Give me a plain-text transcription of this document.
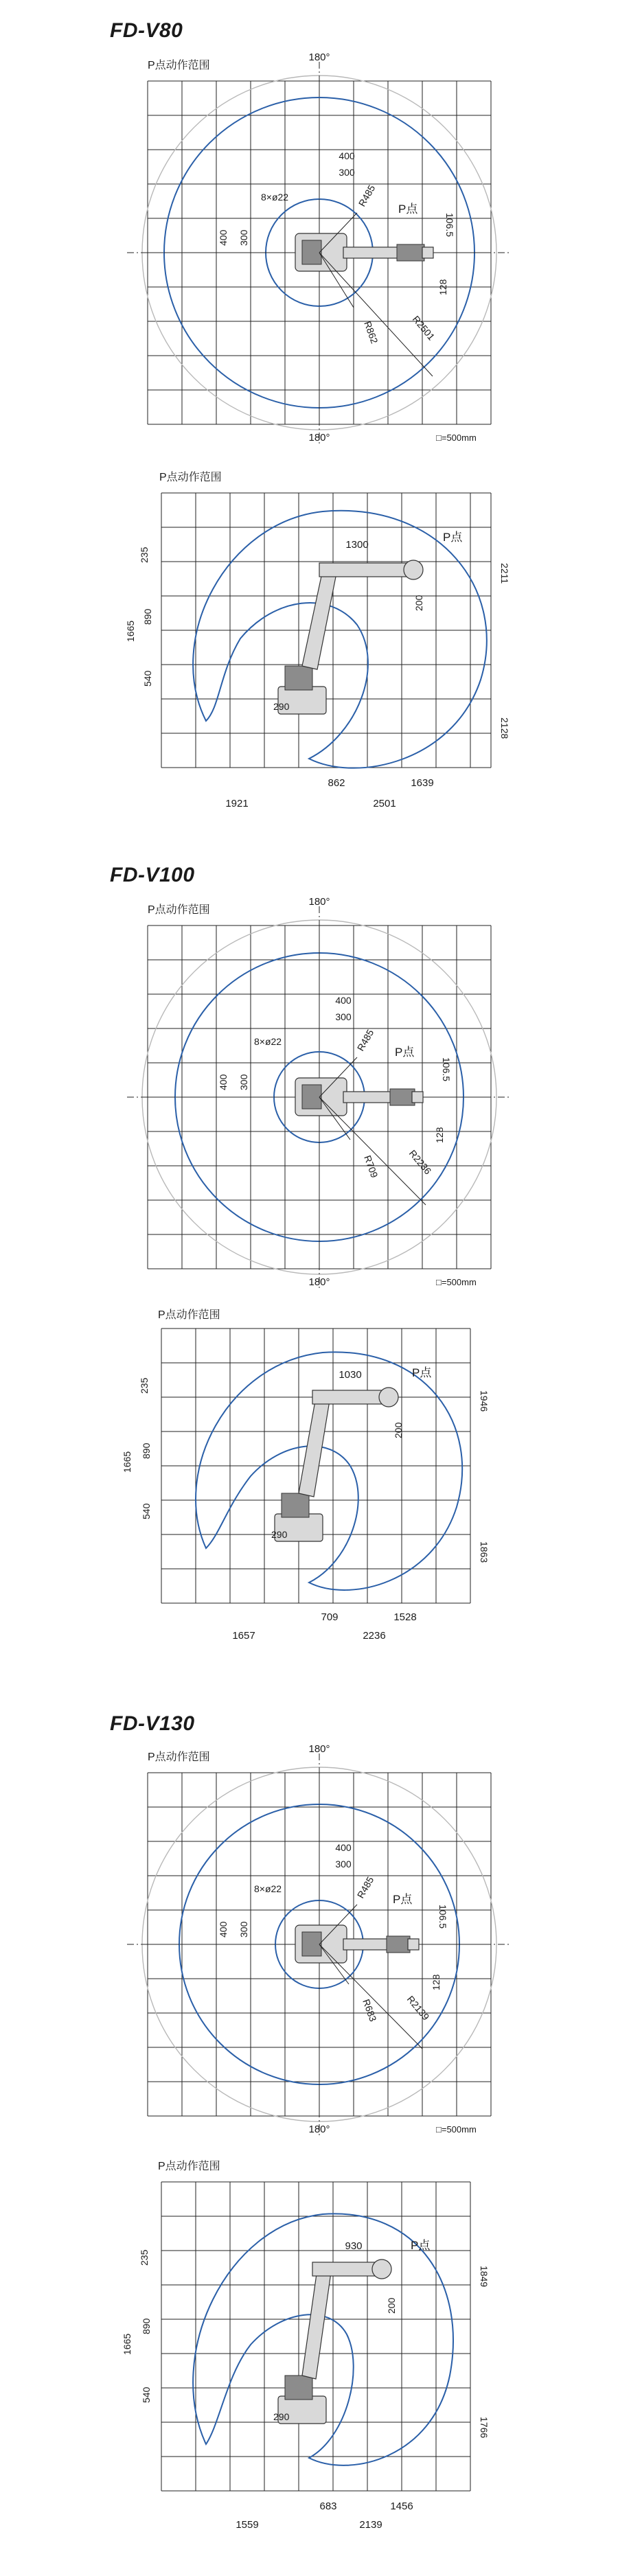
FD-V80
180°
180°
P点动作范围
400
300
8×ø22
400 300
R485
P点
106.5
128
R862	R2501
□=500mm
P点动作范围
1300
P点
200
235
1665
890
540
290
2211
2128
862	1639
1921	2501
FD-V100
180°
180°
P点动作范围
400
300
8×ø22
400 300
R485 P点
106.5
128
R709	R2236
□=500mm
P点动作范围
1030	P点
200
235
1665
890
540
290
1946
1863
709	1528
1657	2236
FD-V130
180°
180°
P点动作范围
400
300
8×ø22
400 300
R485 P点
106.5
128
R683	R2139
□=500mm
P点动作范围
930	P点
200
235
1665
890
540
290
1849
1766
683	1456
1559	2139
